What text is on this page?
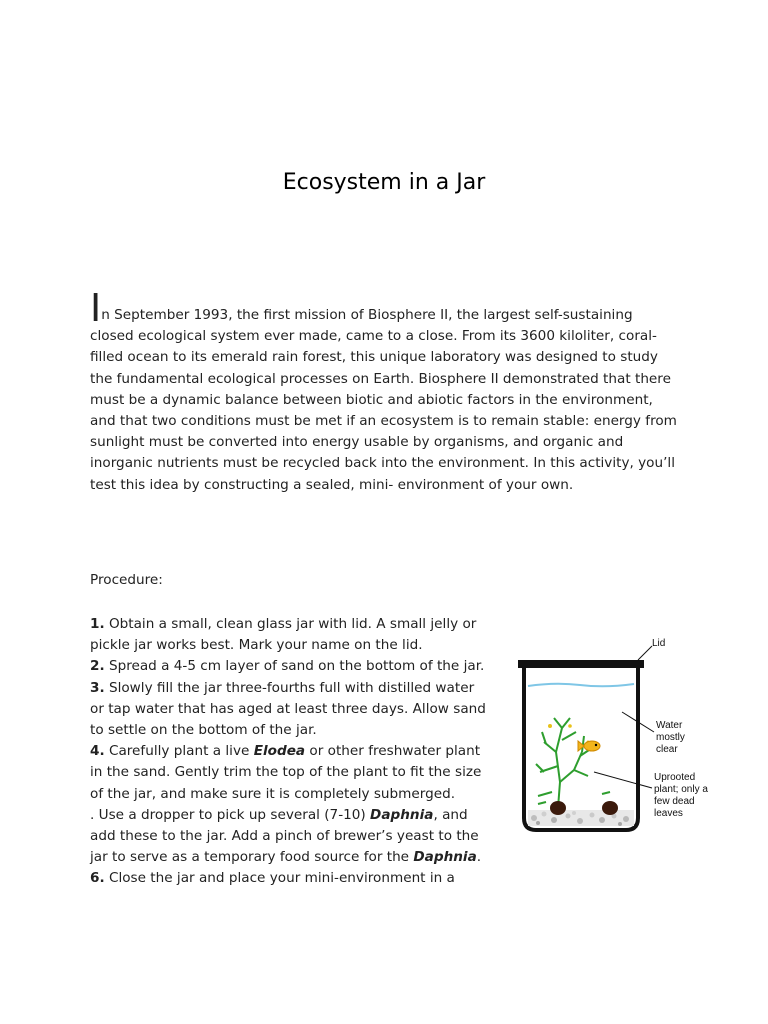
Ecosystem in a Jar
In September 1993, the first mission of Biosphere II, the largest self-sustaining closed ecological system ever made, came to a close. From its 3600 kiloliter, coral-filled ocean to its emerald rain forest, this unique laboratory was designed to study the fundamental ecological processes on Earth. Biosphere II demonstrated that there must be a dynamic balance between biotic and abiotic factors in the environment, and that two conditions must be met if an ecosystem is to remain stable: energy from sunlight must be converted into energy usable by organisms, and organic and inorganic nutrients must be recycled back into the environment. In this activity, you’ll test this idea by constructing a sealed, mini- environment of your own.
Procedure:
1. Obtain a small, clean glass jar with lid. A small jelly or pickle jar works best. Mark your name on the lid.
2. Spread a 4-5 cm layer of sand on the bottom of the jar.
3. Slowly fill the jar three-fourths full with distilled water or tap water that has aged at least three days. Allow sand to settle on the bottom of the jar.
4. Carefully plant a live Elodea or other freshwater plant in the sand. Gently trim the top of the plant to fit the size of the jar, and make sure it is completely submerged.
. Use a dropper to pick up several (7-10) Daphnia, and add these to the jar. Add a pinch of brewer’s yeast to the jar to serve as a temporary food source for the Daphnia.
6. Close the jar and place your mini-environment in a
Lid
Water mostly clear
Uprooted plant; only a few dead leaves
